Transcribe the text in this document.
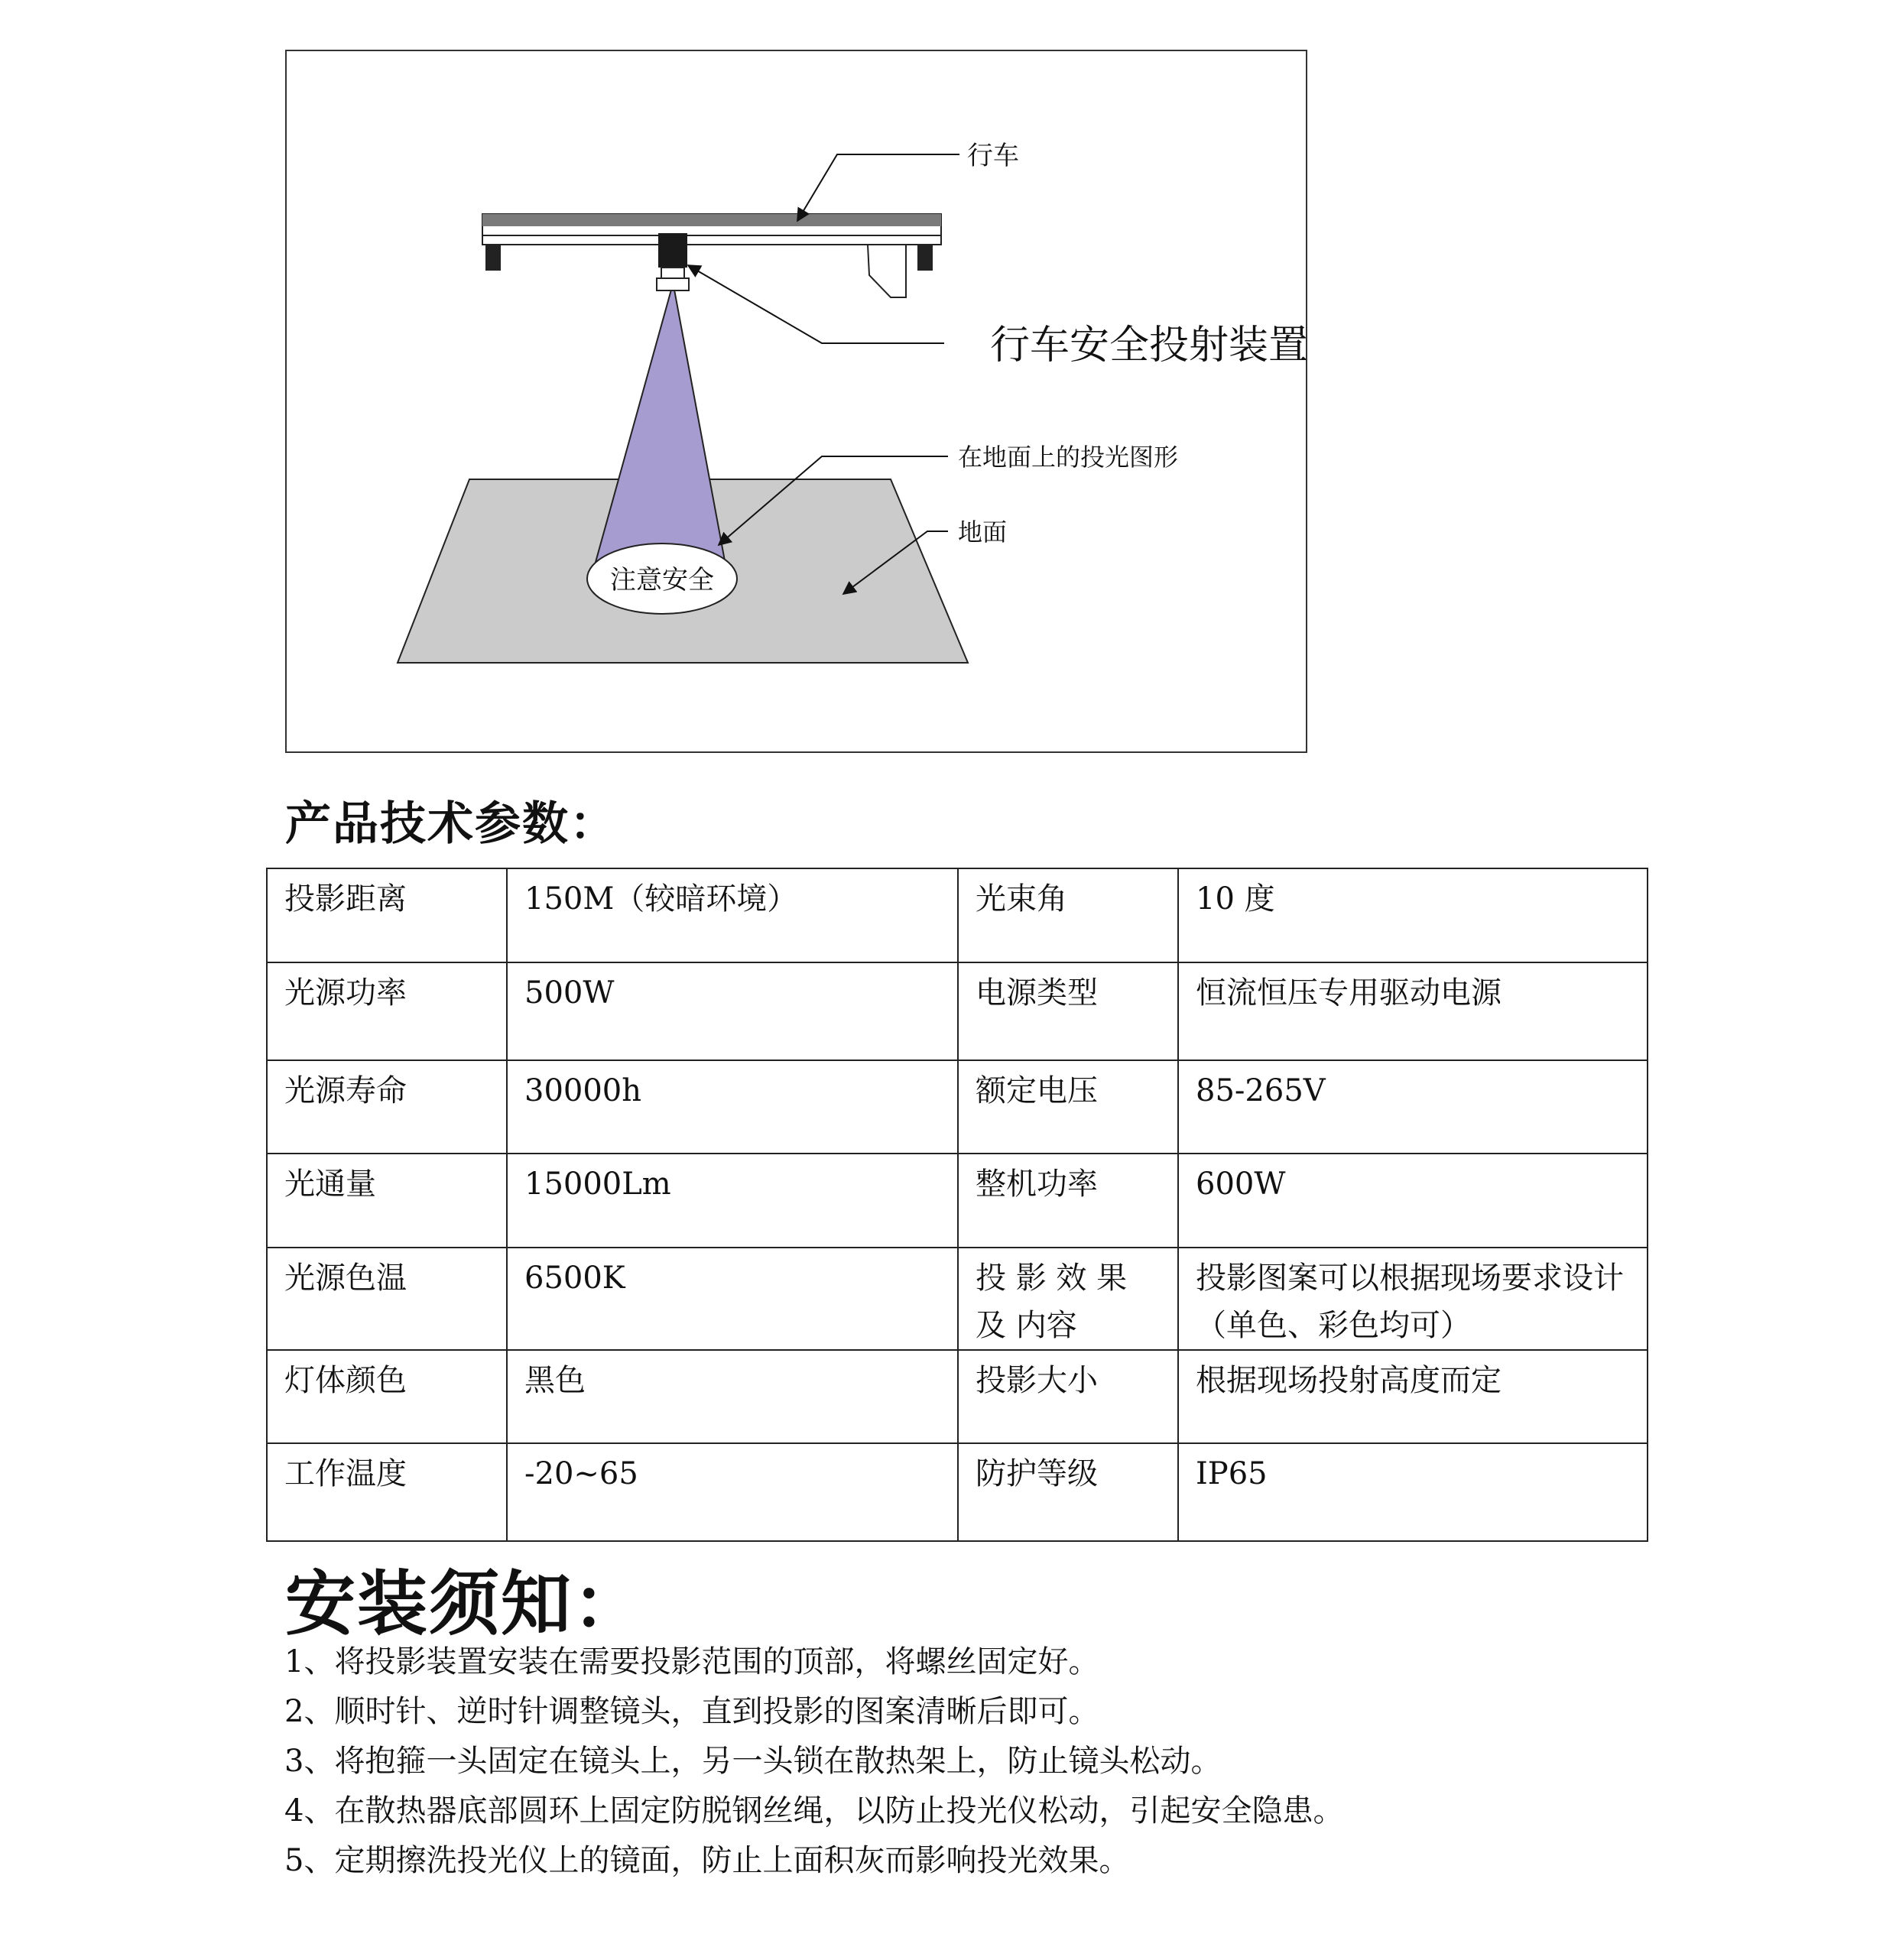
注意安全
行车
行车安全投射装置
在地面上的投光图形
地面
产品技术参数：
投影距离	150M（较暗环境）	光束角	10 度
光源功率	500W	电源类型	恒流恒压专用驱动电源
光源寿命	30000h	额定电压	85-265V
光通量	15000Lm	整机功率	600W
光源色温	6500K	投 影 效 果 及 内容	投影图案可以根据现场要求设计（单色、彩色均可）
灯体颜色	黑色	投影大小	根据现场投射高度而定
工作温度	-20~65	防护等级	IP65
安装须知：
1、将投影装置安装在需要投影范围的顶部，将螺丝固定好。
2、顺时针、逆时针调整镜头，直到投影的图案清晰后即可。
3、将抱箍一头固定在镜头上，另一头锁在散热架上，防止镜头松动。
4、在散热器底部圆环上固定防脱钢丝绳，以防止投光仪松动，引起安全隐患。
5、定期擦洗投光仪上的镜面，防止上面积灰而影响投光效果。
